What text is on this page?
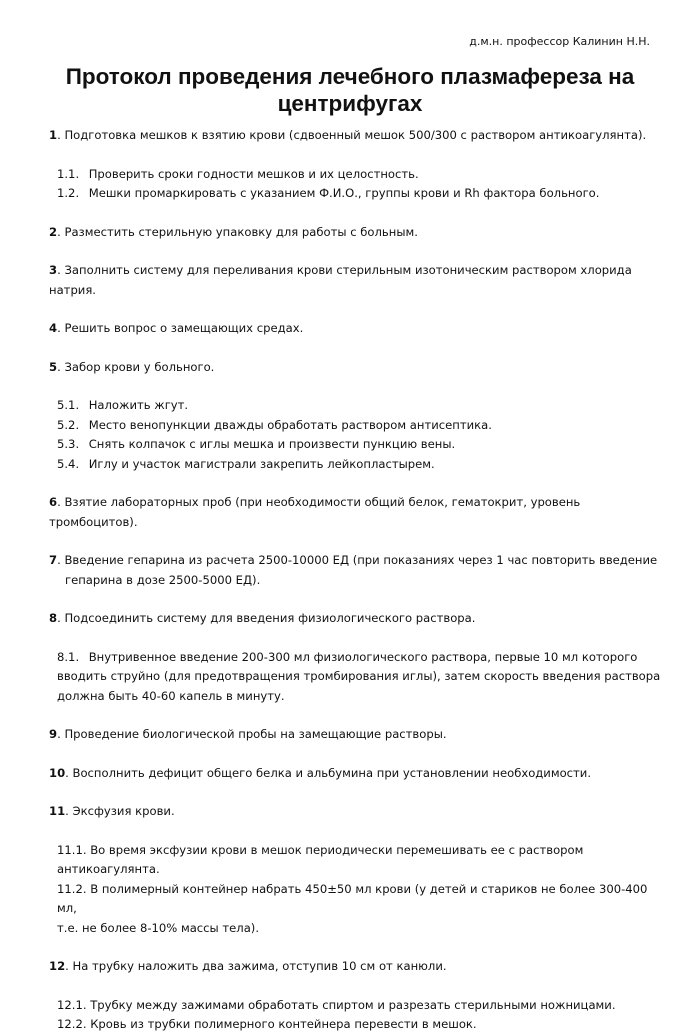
д.м.н. профессор Калинин Н.Н.
Протокол проведения лечебного плазмафереза на
центрифугах
1. Подготовка мешков к взятию крови (сдвоенный мешок 500/300 с раствором антикоагулянта).
1.1. Проверить сроки годности мешков и их целостность.
1.2. Мешки промаркировать с указанием Ф.И.О., группы крови и Rh фактора больного.
2. Разместить стерильную упаковку для работы с больным.
3. Заполнить систему для переливания крови стерильным изотоническим раствором хлорида натрия.
4. Решить вопрос о замещающих средах.
5. Забор крови у больного.
5.1. Наложить жгут.
5.2. Место венопункции дважды обработать раствором антисептика.
5.3. Снять колпачок с иглы мешка и произвести пункцию вены.
5.4. Иглу и участок магистрали закрепить лейкопластырем.
6. Взятие лабораторных проб (при необходимости общий белок, гематокрит, уровень тромбоцитов).
7. Введение гепарина из расчета 2500-10000 ЕД (при показаниях через 1 час повторить введение
гепарина в дозе 2500-5000 ЕД).
8. Подсоединить систему для введения физиологического раствора.
8.1. Внутривенное введение 200-300 мл физиологического раствора, первые 10 мл которого
вводить струйно (для предотвращения тромбирования иглы), затем скорость введения раствора
должна быть 40-60 капель в минуту.
9. Проведение биологической пробы на замещающие растворы.
10. Восполнить дефицит общего белка и альбумина при установлении необходимости.
11. Эксфузия крови.
11.1. Во время эксфузии крови в мешок периодически перемешивать ее с раствором антикоагулянта.
11.2. В полимерный контейнер набрать 450±50 мл крови (у детей и стариков не более 300-400 мл,
т.е. не более 8-10% массы тела).
12. На трубку наложить два зажима, отступив 10 см от канюли.
12.1. Трубку между зажимами обработать спиртом и разрезать стерильными ножницами.
12.2. Кровь из трубки полимерного контейнера перевести в мешок.
